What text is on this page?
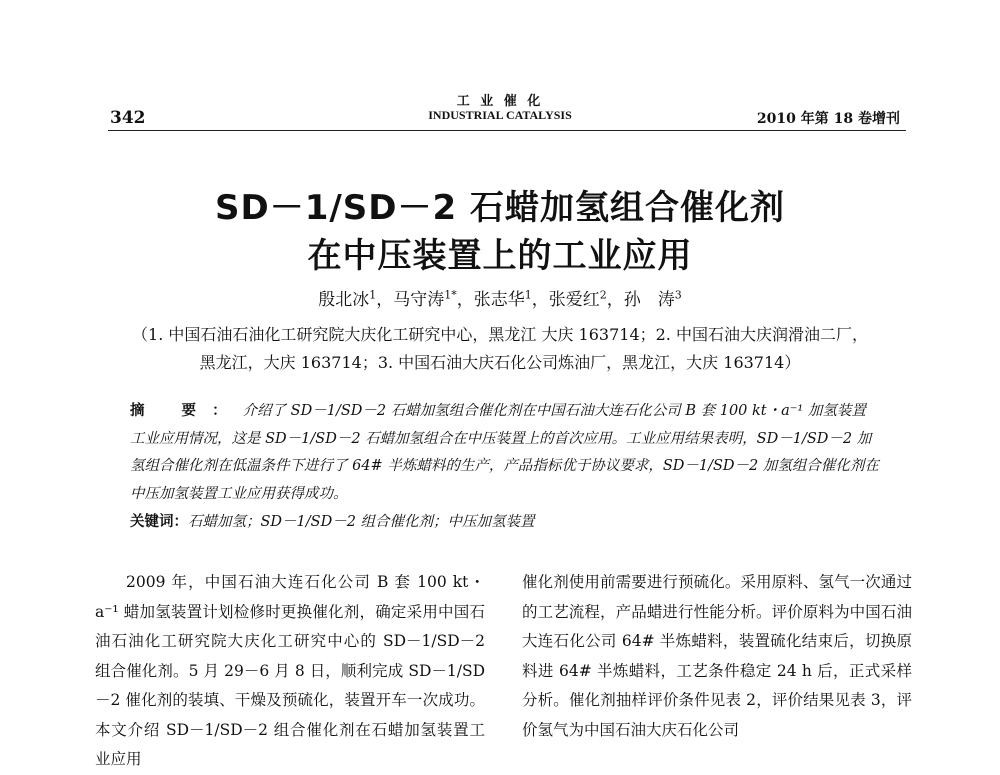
342
工 业 催 化
INDUSTRIAL CATALYSIS	2010 年第 18 卷增刊
SD－1/SD－2 石蜡加氢组合催化剂
在中压装置上的工业应用
殷北冰$^1$，马守涛$^{1*}$，张志华$^1$，张爱红$^2$，孙　涛$^3$
（1. 中国石油石油化工研究院大庆化工研究中心，黑龙江 大庆 163714；2. 中国石油大庆润滑油二厂，
黑龙江，大庆 163714；3. 中国石油大庆石化公司炼油厂，黑龙江，大庆 163714）
摘 要：介绍了 SD－1/SD－2 石蜡加氢组合催化剂在中国石油大连石化公司 B 套 100 kt・a⁻¹ 加氢装置工业应用情况，这是 SD－1/SD－2 石蜡加氢组合在中压装置上的首次应用。工业应用结果表明，SD－1/SD－2 加氢组合催化剂在低温条件下进行了 64# 半炼蜡料的生产，产品指标优于协议要求，SD－1/SD－2 加氢组合催化剂在中压加氢装置工业应用获得成功。
关键词：石蜡加氢；SD－1/SD－2 组合催化剂；中压加氢装置
2009 年，中国石油大连石化公司 B 套 100 kt・a⁻¹ 蜡加氢装置计划检修时更换催化剂，确定采用中国石油石油化工研究院大庆化工研究中心的 SD－1/SD－2 组合催化剂。5 月 29－6 月 8 日，顺利完成 SD－1/SD－2 催化剂的装填、干燥及预硫化，装置开车一次成功。本文介绍 SD－1/SD－2 组合催化剂在石蜡加氢装置工业应用
催化剂使用前需要进行预硫化。采用原料、氢气一次通过的工艺流程，产品蜡进行性能分析。评价原料为中国石油大连石化公司 64# 半炼蜡料，装置硫化结束后，切换原料进 64# 半炼蜡料，工艺条件稳定 24 h 后，正式采样分析。催化剂抽样评价条件见表 2，评价结果见表 3，评价氢气为中国石油大庆石化公司
